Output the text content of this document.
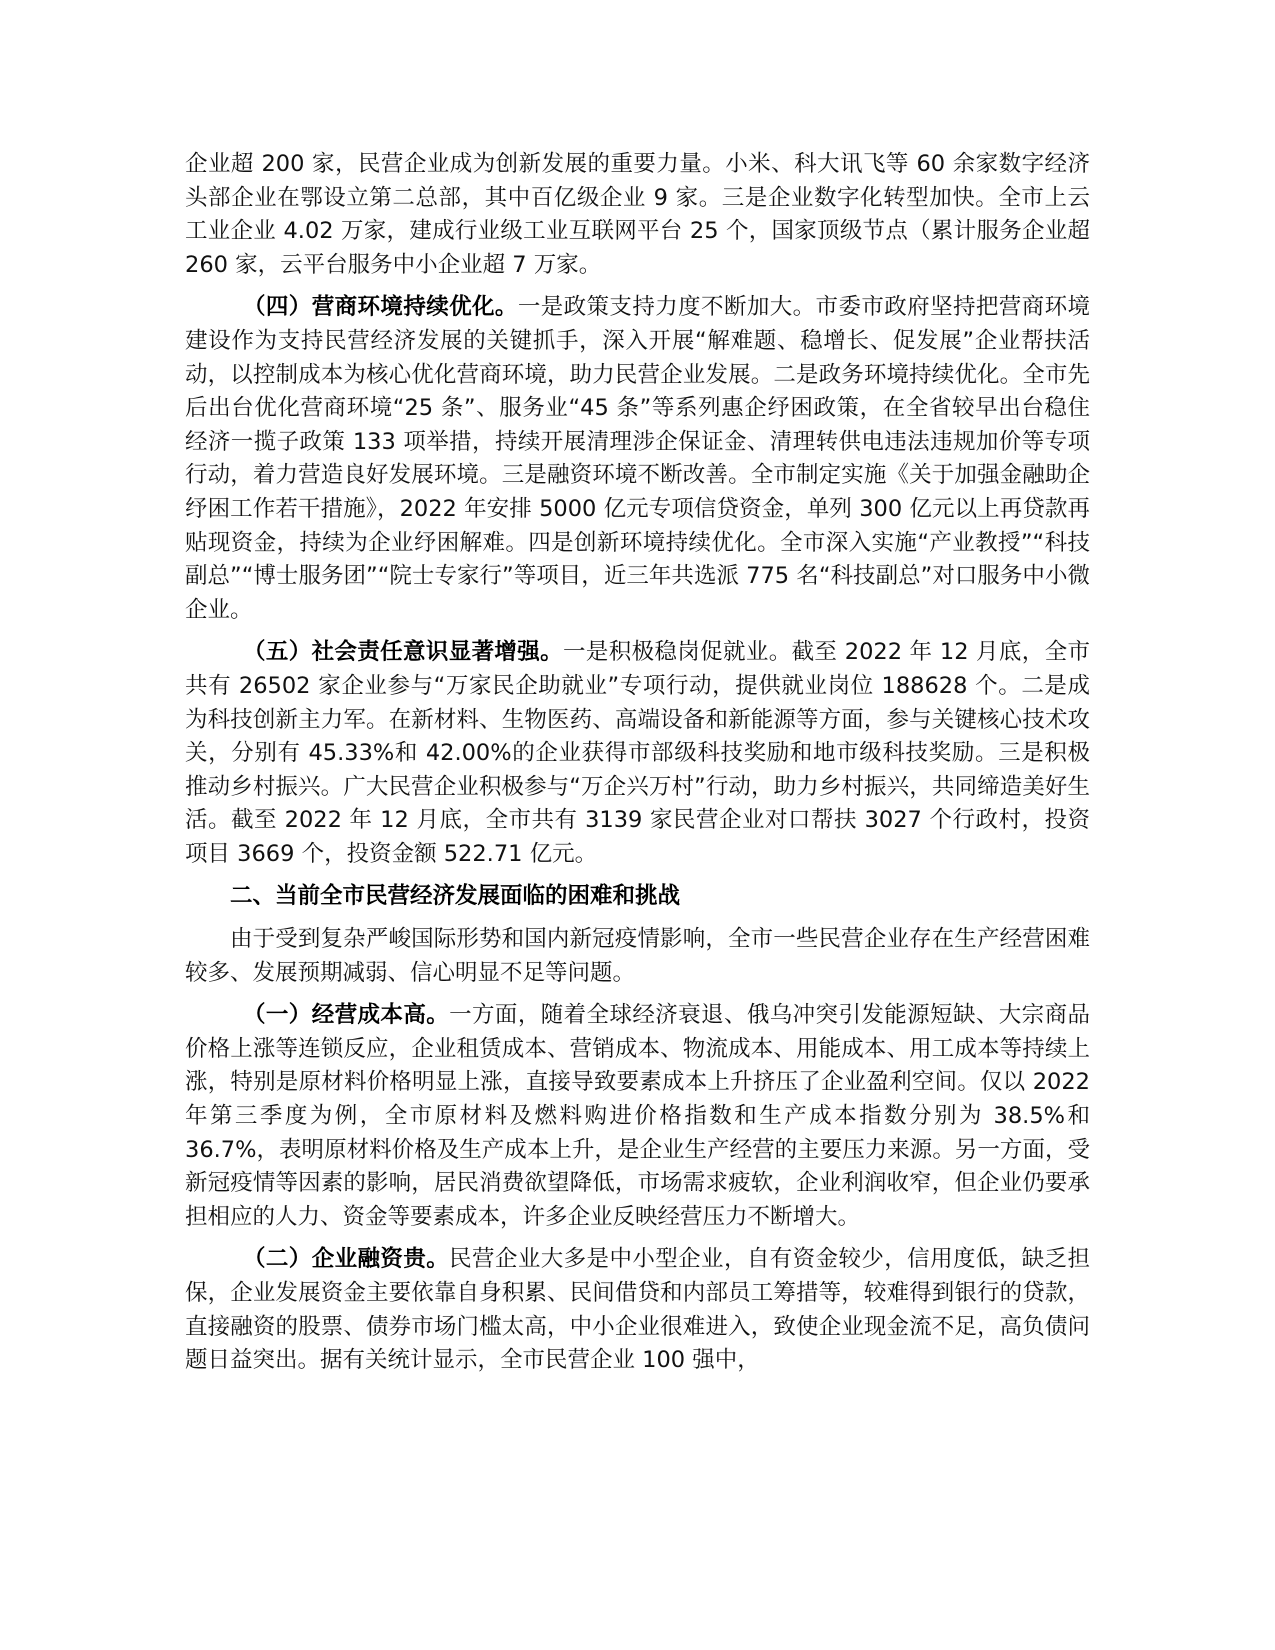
企业超 200 家，民营企业成为创新发展的重要力量。小米、科大讯飞等 60 余家数字经济头部企业在鄂设立第二总部，其中百亿级企业 9 家。三是企业数字化转型加快。全市上云工业企业 4.02 万家，建成行业级工业互联网平台 25 个，国家顶级节点（累计服务企业超 260 家，云平台服务中小企业超 7 万家。

（四）营商环境持续优化。一是政策支持力度不断加大。市委市政府坚持把营商环境建设作为支持民营经济发展的关键抓手，深入开展“解难题、稳增长、促发展”企业帮扶活动，以控制成本为核心优化营商环境，助力民营企业发展。二是政务环境持续优化。全市先后出台优化营商环境“25 条”、服务业“45 条”等系列惠企纾困政策，在全省较早出台稳住经济一揽子政策 133 项举措，持续开展清理涉企保证金、清理转供电违法违规加价等专项行动，着力营造良好发展环境。三是融资环境不断改善。全市制定实施《关于加强金融助企纾困工作若干措施》，2022 年安排 5000 亿元专项信贷资金，单列 300 亿元以上再贷款再贴现资金，持续为企业纾困解难。四是创新环境持续优化。全市深入实施“产业教授”“科技副总”“博士服务团”“院士专家行”等项目，近三年共选派 775 名“科技副总”对口服务中小微企业。

（五）社会责任意识显著增强。一是积极稳岗促就业。截至 2022 年 12 月底，全市共有 26502 家企业参与“万家民企助就业”专项行动，提供就业岗位 188628 个。二是成为科技创新主力军。在新材料、生物医药、高端设备和新能源等方面，参与关键核心技术攻关，分别有 45.33%和 42.00%的企业获得市部级科技奖励和地市级科技奖励。三是积极推动乡村振兴。广大民营企业积极参与“万企兴万村”行动，助力乡村振兴，共同缔造美好生活。截至 2022 年 12 月底，全市共有 3139 家民营企业对口帮扶 3027 个行政村，投资项目 3669 个，投资金额 522.71 亿元。

二、当前全市民营经济发展面临的困难和挑战

由于受到复杂严峻国际形势和国内新冠疫情影响，全市一些民营企业存在生产经营困难较多、发展预期减弱、信心明显不足等问题。

（一）经营成本高。一方面，随着全球经济衰退、俄乌冲突引发能源短缺、大宗商品价格上涨等连锁反应，企业租赁成本、营销成本、物流成本、用能成本、用工成本等持续上涨，特别是原材料价格明显上涨，直接导致要素成本上升挤压了企业盈利空间。仅以 2022 年第三季度为例，全市原材料及燃料购进价格指数和生产成本指数分别为 38.5%和 36.7%，表明原材料价格及生产成本上升，是企业生产经营的主要压力来源。另一方面，受新冠疫情等因素的影响，居民消费欲望降低，市场需求疲软，企业利润收窄，但企业仍要承担相应的人力、资金等要素成本，许多企业反映经营压力不断增大。

（二）企业融资贵。民营企业大多是中小型企业，自有资金较少，信用度低，缺乏担保，企业发展资金主要依靠自身积累、民间借贷和内部员工筹措等，较难得到银行的贷款，直接融资的股票、债券市场门槛太高，中小企业很难进入，致使企业现金流不足，高负债问题日益突出。据有关统计显示，全市民营企业 100 强中，
